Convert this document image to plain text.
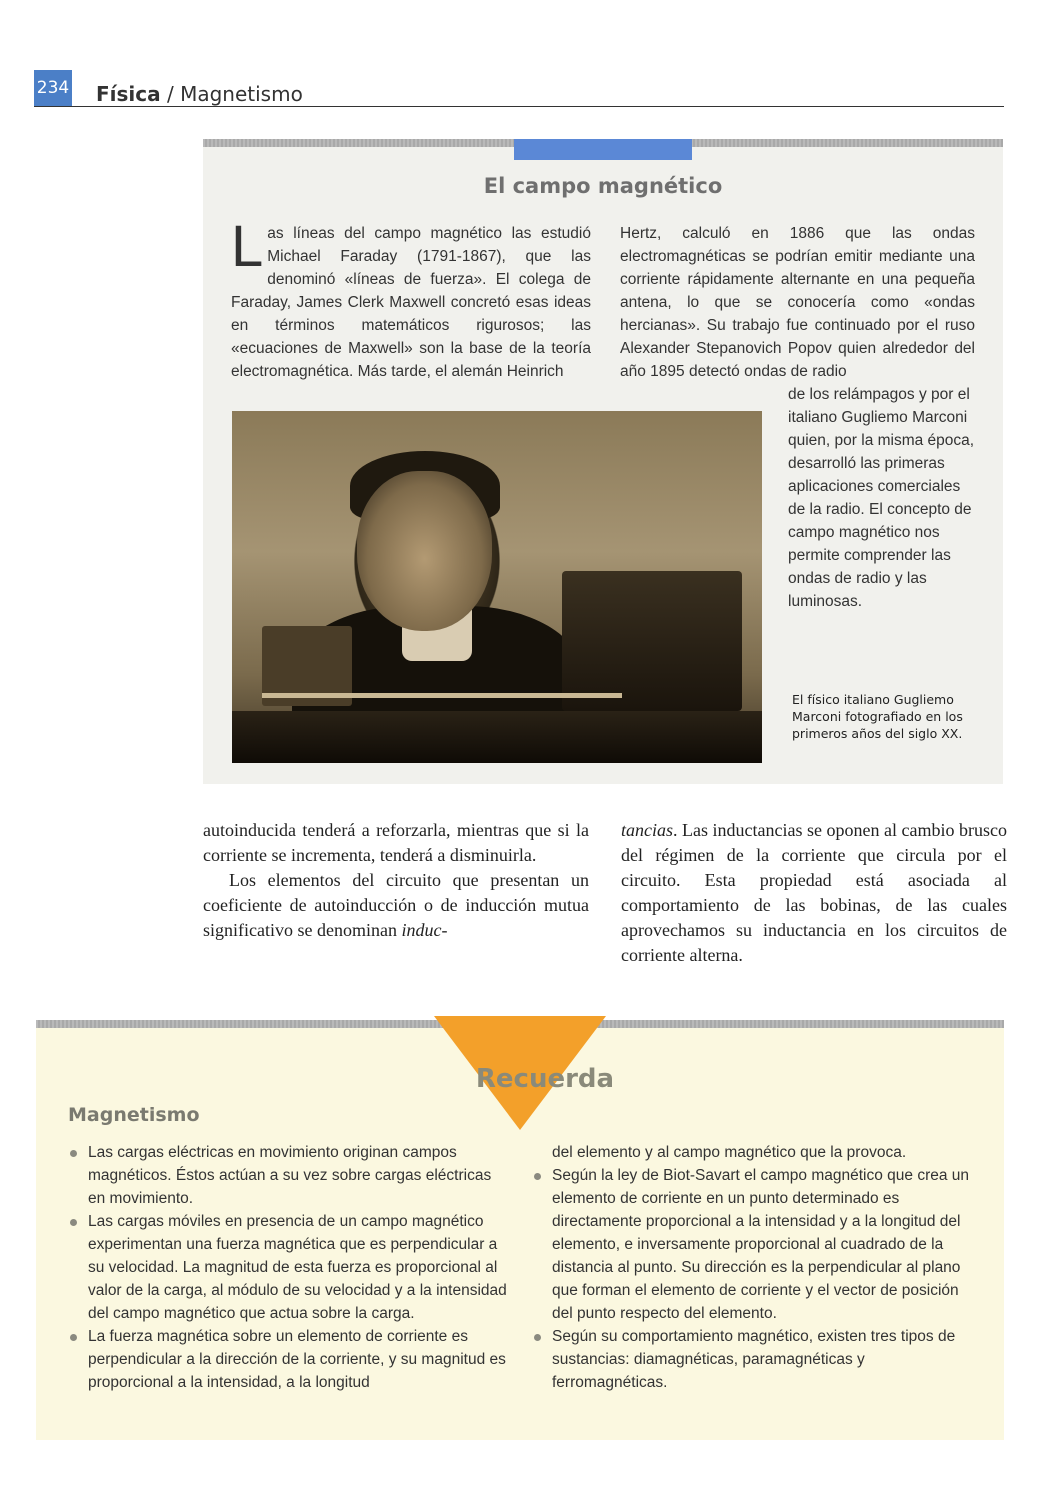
234 Física / Magnetismo
El campo magnético
Las líneas del campo magnético las estudió Michael Faraday (1791-1867), que las denominó «líneas de fuerza». El colega de Faraday, James Clerk Maxwell concretó esas ideas en términos matemáticos rigurosos; las «ecuaciones de Maxwell» son la base de la teoría electromagnética. Más tarde, el alemán Heinrich
Hertz, calculó en 1886 que las ondas electromagnéticas se podrían emitir mediante una corriente rápidamente alternante en una pequeña antena, lo que se conocería como «ondas hercianas». Su trabajo fue continuado por el ruso Alexander Stepanovich Popov quien alrededor del año 1895 detectó ondas de radio
de los relámpagos y por el italiano Gugliemo Marconi quien, por la misma época, desarrolló las primeras aplicaciones comerciales de la radio. El concepto de campo magnético nos permite comprender las ondas de radio y las luminosas.
El físico italiano Gugliemo Marconi fotografiado en los primeros años del siglo XX.

autoinducida tenderá a reforzarla, mientras que si la corriente se incrementa, tenderá a disminuirla.

Los elementos del circuito que presentan un coeficiente de autoinducción o de inducción mutua significativo se denominan induc-

tancias. Las inductancias se oponen al cambio brusco del régimen de la corriente que circula por el circuito. Esta propiedad está asociada al comportamiento de las bobinas, de las cuales aprovechamos su inductancia en los circuitos de corriente alterna.

Recuerda
Magnetismo
Las cargas eléctricas en movimiento originan campos magnéticos. Éstos actúan a su vez sobre cargas eléctricas en movimiento.
Las cargas móviles en presencia de un campo magnético experimentan una fuerza magnética que es perpendicular a su velocidad. La magnitud de esta fuerza es proporcional al valor de la carga, al módulo de su velocidad y a la intensidad del campo magnético que actua sobre la carga.
La fuerza magnética sobre un elemento de corriente es perpendicular a la dirección de la corriente, y su magnitud es proporcional a la intensidad, a la longitud
del elemento y al campo magnético que la provoca.
Según la ley de Biot-Savart el campo magnético que crea un elemento de corriente en un punto determinado es directamente proporcional a la intensidad y a la longitud del elemento, e inversamente proporcional al cuadrado de la distancia al punto. Su dirección es la perpendicular al plano que forman el elemento de corriente y el vector de posición del punto respecto del elemento.
Según su comportamiento magnético, existen tres tipos de sustancias: diamagnéticas, paramagnéticas y ferromagnéticas.
